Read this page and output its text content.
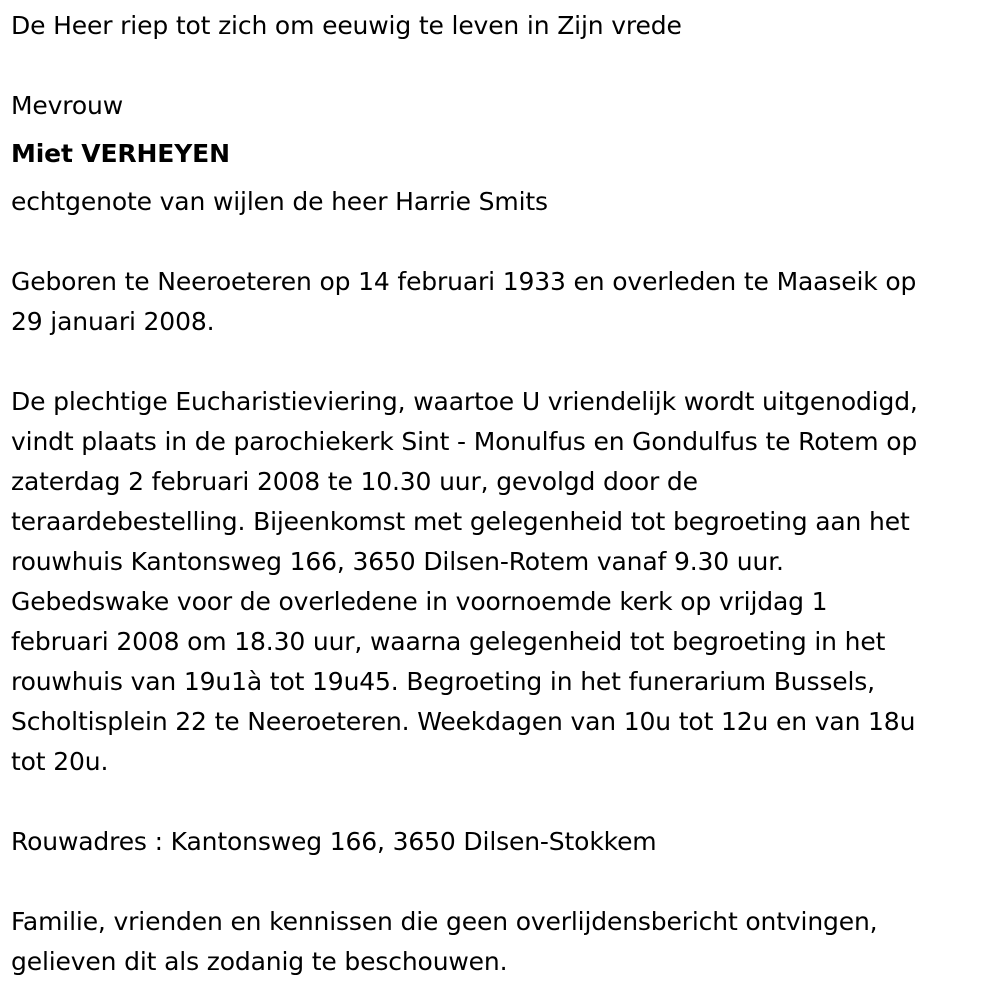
De Heer riep tot zich om eeuwig te leven in Zijn vrede

Mevrouw

Miet VERHEYEN

echtgenote van wijlen de heer Harrie Smits

Geboren te Neeroeteren op 14 februari 1933 en overleden te Maaseik op
29 januari 2008.

De plechtige Eucharistieviering, waartoe U vriendelijk wordt uitgenodigd,
vindt plaats in de parochiekerk Sint - Monulfus en Gondulfus te Rotem op
zaterdag 2 februari 2008 te 10.30 uur, gevolgd door de
teraardebestelling. Bijeenkomst met gelegenheid tot begroeting aan het
rouwhuis Kantonsweg 166, 3650 Dilsen-Rotem vanaf 9.30 uur.
Gebedswake voor de overledene in voornoemde kerk op vrijdag 1
februari 2008 om 18.30 uur, waarna gelegenheid tot begroeting in het
rouwhuis van 19u1à tot 19u45. Begroeting in het funerarium Bussels,
Scholtisplein 22 te Neeroeteren. Weekdagen van 10u tot 12u en van 18u
tot 20u.

Rouwadres : Kantonsweg 166, 3650 Dilsen-Stokkem

Familie, vrienden en kennissen die geen overlijdensbericht ontvingen,
gelieven dit als zodanig te beschouwen.
